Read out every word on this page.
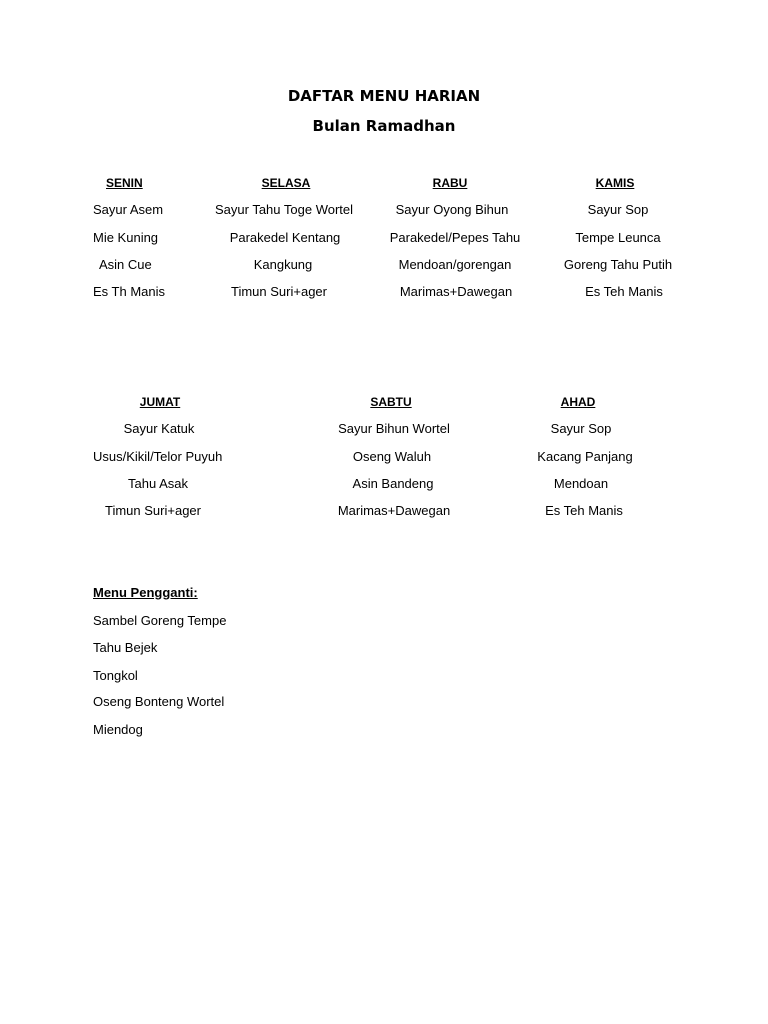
DAFTAR MENU HARIAN
Bulan Ramadhan
SENIN
Sayur Asem
Mie Kuning
Asin Cue
Es Th Manis
SELASA
Sayur Tahu Toge Wortel
Parakedel Kentang
Kangkung
Timun Suri+ager
RABU
Sayur Oyong Bihun
Parakedel/Pepes Tahu
Mendoan/gorengan
Marimas+Dawegan
KAMIS
Sayur Sop
Tempe Leunca
Goreng Tahu Putih
Es Teh Manis
JUMAT
Sayur Katuk
Usus/Kikil/Telor Puyuh
Tahu Asak
Timun Suri+ager
SABTU
Sayur Bihun Wortel
Oseng Waluh
Asin Bandeng
Marimas+Dawegan
AHAD
Sayur Sop
Kacang Panjang
Mendoan
Es Teh Manis
Menu Pengganti:
Sambel Goreng Tempe
Tahu Bejek
Tongkol
Oseng Bonteng Wortel
Miendog
